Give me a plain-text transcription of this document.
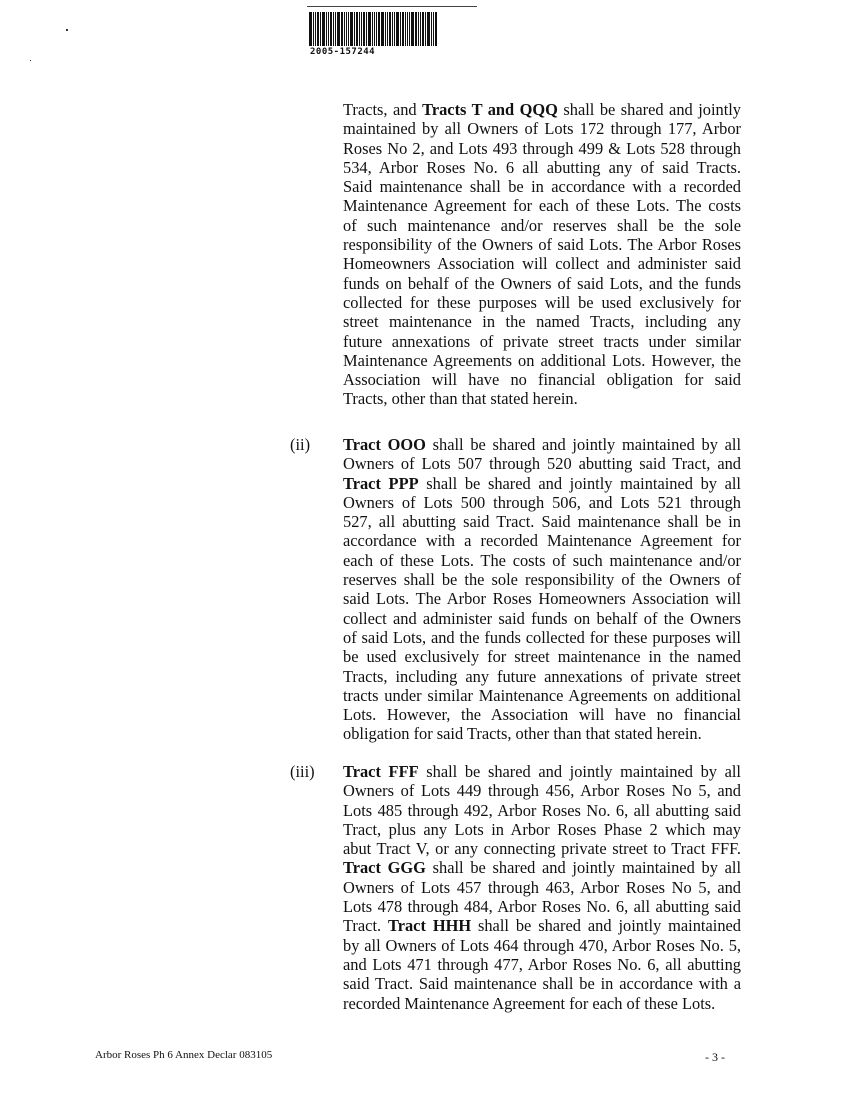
2005-157244
Tracts, and Tracts T and QQQ shall be shared and jointly
maintained by all Owners of Lots 172 through 177, Arbor
Roses No 2, and Lots 493 through 499 & Lots 528 through
534, Arbor Roses No. 6 all abutting any of said Tracts.
Said maintenance shall be in accordance with a recorded
Maintenance Agreement for each of these Lots. The costs
of such maintenance and/or reserves shall be the sole
responsibility of the Owners of said Lots. The Arbor Roses
Homeowners Association will collect and administer said
funds on behalf of the Owners of said Lots, and the funds
collected for these purposes will be used exclusively for
street maintenance in the named Tracts, including any
future annexations of private street tracts under similar
Maintenance Agreements on additional Lots. However, the
Association will have no financial obligation for said
Tracts, other than that stated herein.
(ii) Tract OOO shall be shared and jointly maintained by all
Owners of Lots 507 through 520 abutting said Tract, and
Tract PPP shall be shared and jointly maintained by all
Owners of Lots 500 through 506, and Lots 521 through
527, all abutting said Tract. Said maintenance shall be in
accordance with a recorded Maintenance Agreement for
each of these Lots. The costs of such maintenance and/or
reserves shall be the sole responsibility of the Owners of
said Lots. The Arbor Roses Homeowners Association will
collect and administer said funds on behalf of the Owners
of said Lots, and the funds collected for these purposes will
be used exclusively for street maintenance in the named
Tracts, including any future annexations of private street
tracts under similar Maintenance Agreements on additional
Lots. However, the Association will have no financial
obligation for said Tracts, other than that stated herein.
(iii) Tract FFF shall be shared and jointly maintained by all
Owners of Lots 449 through 456, Arbor Roses No 5, and
Lots 485 through 492, Arbor Roses No. 6, all abutting said
Tract, plus any Lots in Arbor Roses Phase 2 which may
abut Tract V, or any connecting private street to Tract FFF.
Tract GGG shall be shared and jointly maintained by all
Owners of Lots 457 through 463, Arbor Roses No 5, and
Lots 478 through 484, Arbor Roses No. 6, all abutting said
Tract. Tract HHH shall be shared and jointly maintained
by all Owners of Lots 464 through 470, Arbor Roses No. 5,
and Lots 471 through 477, Arbor Roses No. 6, all abutting
said Tract. Said maintenance shall be in accordance with a
recorded Maintenance Agreement for each of these Lots.
Arbor Roses Ph 6 Annex Declar 083105	- 3 -
